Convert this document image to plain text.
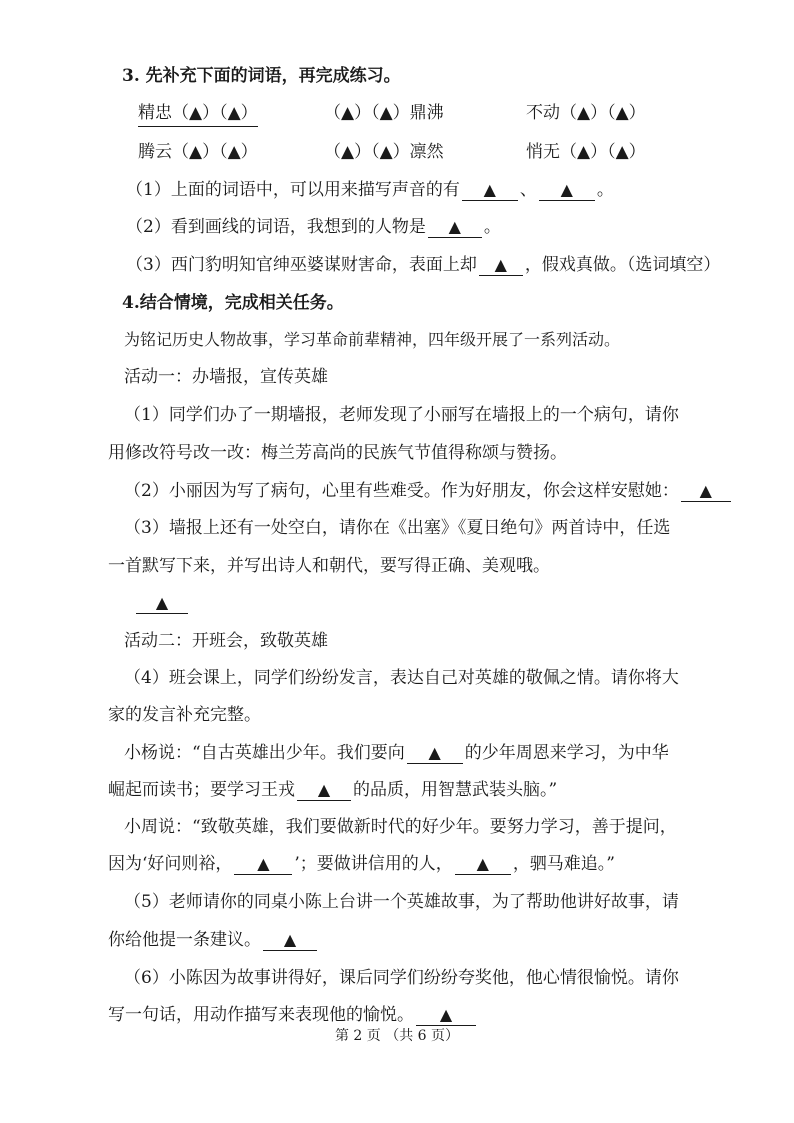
3. 先补充下面的词语，再完成练习。
精忠（▲）（▲）	（▲）（▲）鼎沸	不动（▲）（▲）
腾云（▲）（▲）	（▲）（▲）凛然	悄无（▲）（▲）
（1）上面的词语中，可以用来描写声音的有 ▲ 、 ▲ 。
（2）看到画线的词语，我想到的人物是 ▲ 。
（3）西门豹明知官绅巫婆谋财害命，表面上却 ▲ ，假戏真做。（选词填空）
4.结合情境，完成相关任务。
为铭记历史人物故事，学习革命前辈精神，四年级开展了一系列活动。
活动一：办墙报，宣传英雄
（1）同学们办了一期墙报，老师发现了小丽写在墙报上的一个病句，请你
用修改符号改一改：梅兰芳高尚的民族气节值得称颂与赞扬。
（2）小丽因为写了病句，心里有些难受。作为好朋友，你会这样安慰她： ▲
（3）墙报上还有一处空白，请你在《出塞》《夏日绝句》两首诗中，任选
一首默写下来，并写出诗人和朝代，要写得正确、美观哦。
▲
活动二：开班会，致敬英雄
（4）班会课上，同学们纷纷发言，表达自己对英雄的敬佩之情。请你将大
家的发言补充完整。
小杨说：“自古英雄出少年。我们要向 ▲ 的少年周恩来学习，为中华
崛起而读书；要学习王戎 ▲ 的品质，用智慧武装头脑。”
小周说：“致敬英雄，我们要做新时代的好少年。要努力学习，善于提问，
因为‘好问则裕， ▲ ’；要做讲信用的人， ▲ ，驷马难追。”
（5）老师请你的同桌小陈上台讲一个英雄故事，为了帮助他讲好故事，请
你给他提一条建议。 ▲
（6）小陈因为故事讲得好，课后同学们纷纷夸奖他，他心情很愉悦。请你
写一句话，用动作描写来表现他的愉悦。 ▲
第 2 页 （共 6 页）
